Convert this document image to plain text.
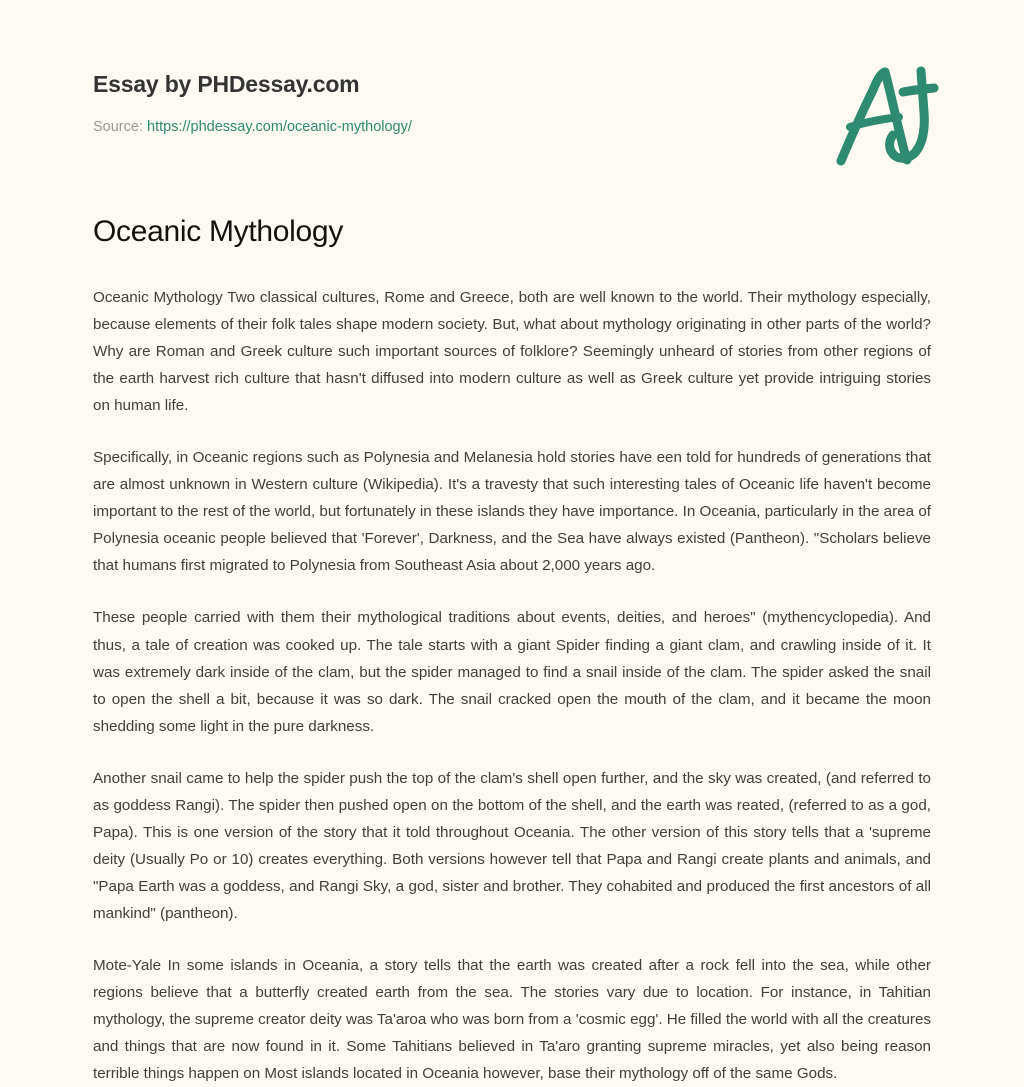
Essay by PHDessay.com
Source: https://phdessay.com/oceanic-mythology/
Oceanic Mythology

Oceanic Mythology Two classical cultures, Rome and Greece, both are well known to the world. Their mythology especially, because elements of their folk tales shape modern society. But, what about mythology originating in other parts of the world? Why are Roman and Greek culture such important sources of folklore? Seemingly unheard of stories from other regions of the earth harvest rich culture that hasn't diffused into modern culture as well as Greek culture yet provide intriguing stories on human life.

Specifically, in Oceanic regions such as Polynesia and Melanesia hold stories have een told for hundreds of generations that are almost unknown in Western culture (Wikipedia). It's a travesty that such interesting tales of Oceanic life haven't become important to the rest of the world, but fortunately in these islands they have importance. In Oceania, particularly in the area of Polynesia oceanic people believed that 'Forever', Darkness, and the Sea have always existed (Pantheon). "Scholars believe that humans first migrated to Polynesia from Southeast Asia about 2,000 years ago.

These people carried with them their mythological traditions about events, deities, and heroes" (mythencyclopedia). And thus, a tale of creation was cooked up. The tale starts with a giant Spider finding a giant clam, and crawling inside of it. It was extremely dark inside of the clam, but the spider managed to find a snail inside of the clam. The spider asked the snail to open the shell a bit, because it was so dark. The snail cracked open the mouth of the clam, and it became the moon shedding some light in the pure darkness.

Another snail came to help the spider push the top of the clam's shell open further, and the sky was created, (and referred to as goddess Rangi). The spider then pushed open on the bottom of the shell, and the earth was reated, (referred to as a god, Papa). This is one version of the story that it told throughout Oceania. The other version of this story tells that a 'supreme deity (Usually Po or 10) creates everything. Both versions however tell that Papa and Rangi create plants and animals, and "Papa Earth was a goddess, and Rangi Sky, a god, sister and brother. They cohabited and produced the first ancestors of all mankind" (pantheon).

Mote-Yale In some islands in Oceania, a story tells that the earth was created after a rock fell into the sea, while other regions believe that a butterfly created earth from the sea. The stories vary due to location. For instance, in Tahitian mythology, the supreme creator deity was Ta'aroa who was born from a 'cosmic egg'. He filled the world with all the creatures and things that are now found in it. Some Tahitians believed in Ta'aro granting supreme miracles, yet also being reason terrible things happen on Most islands located in Oceania however, base their mythology off of the same Gods.
